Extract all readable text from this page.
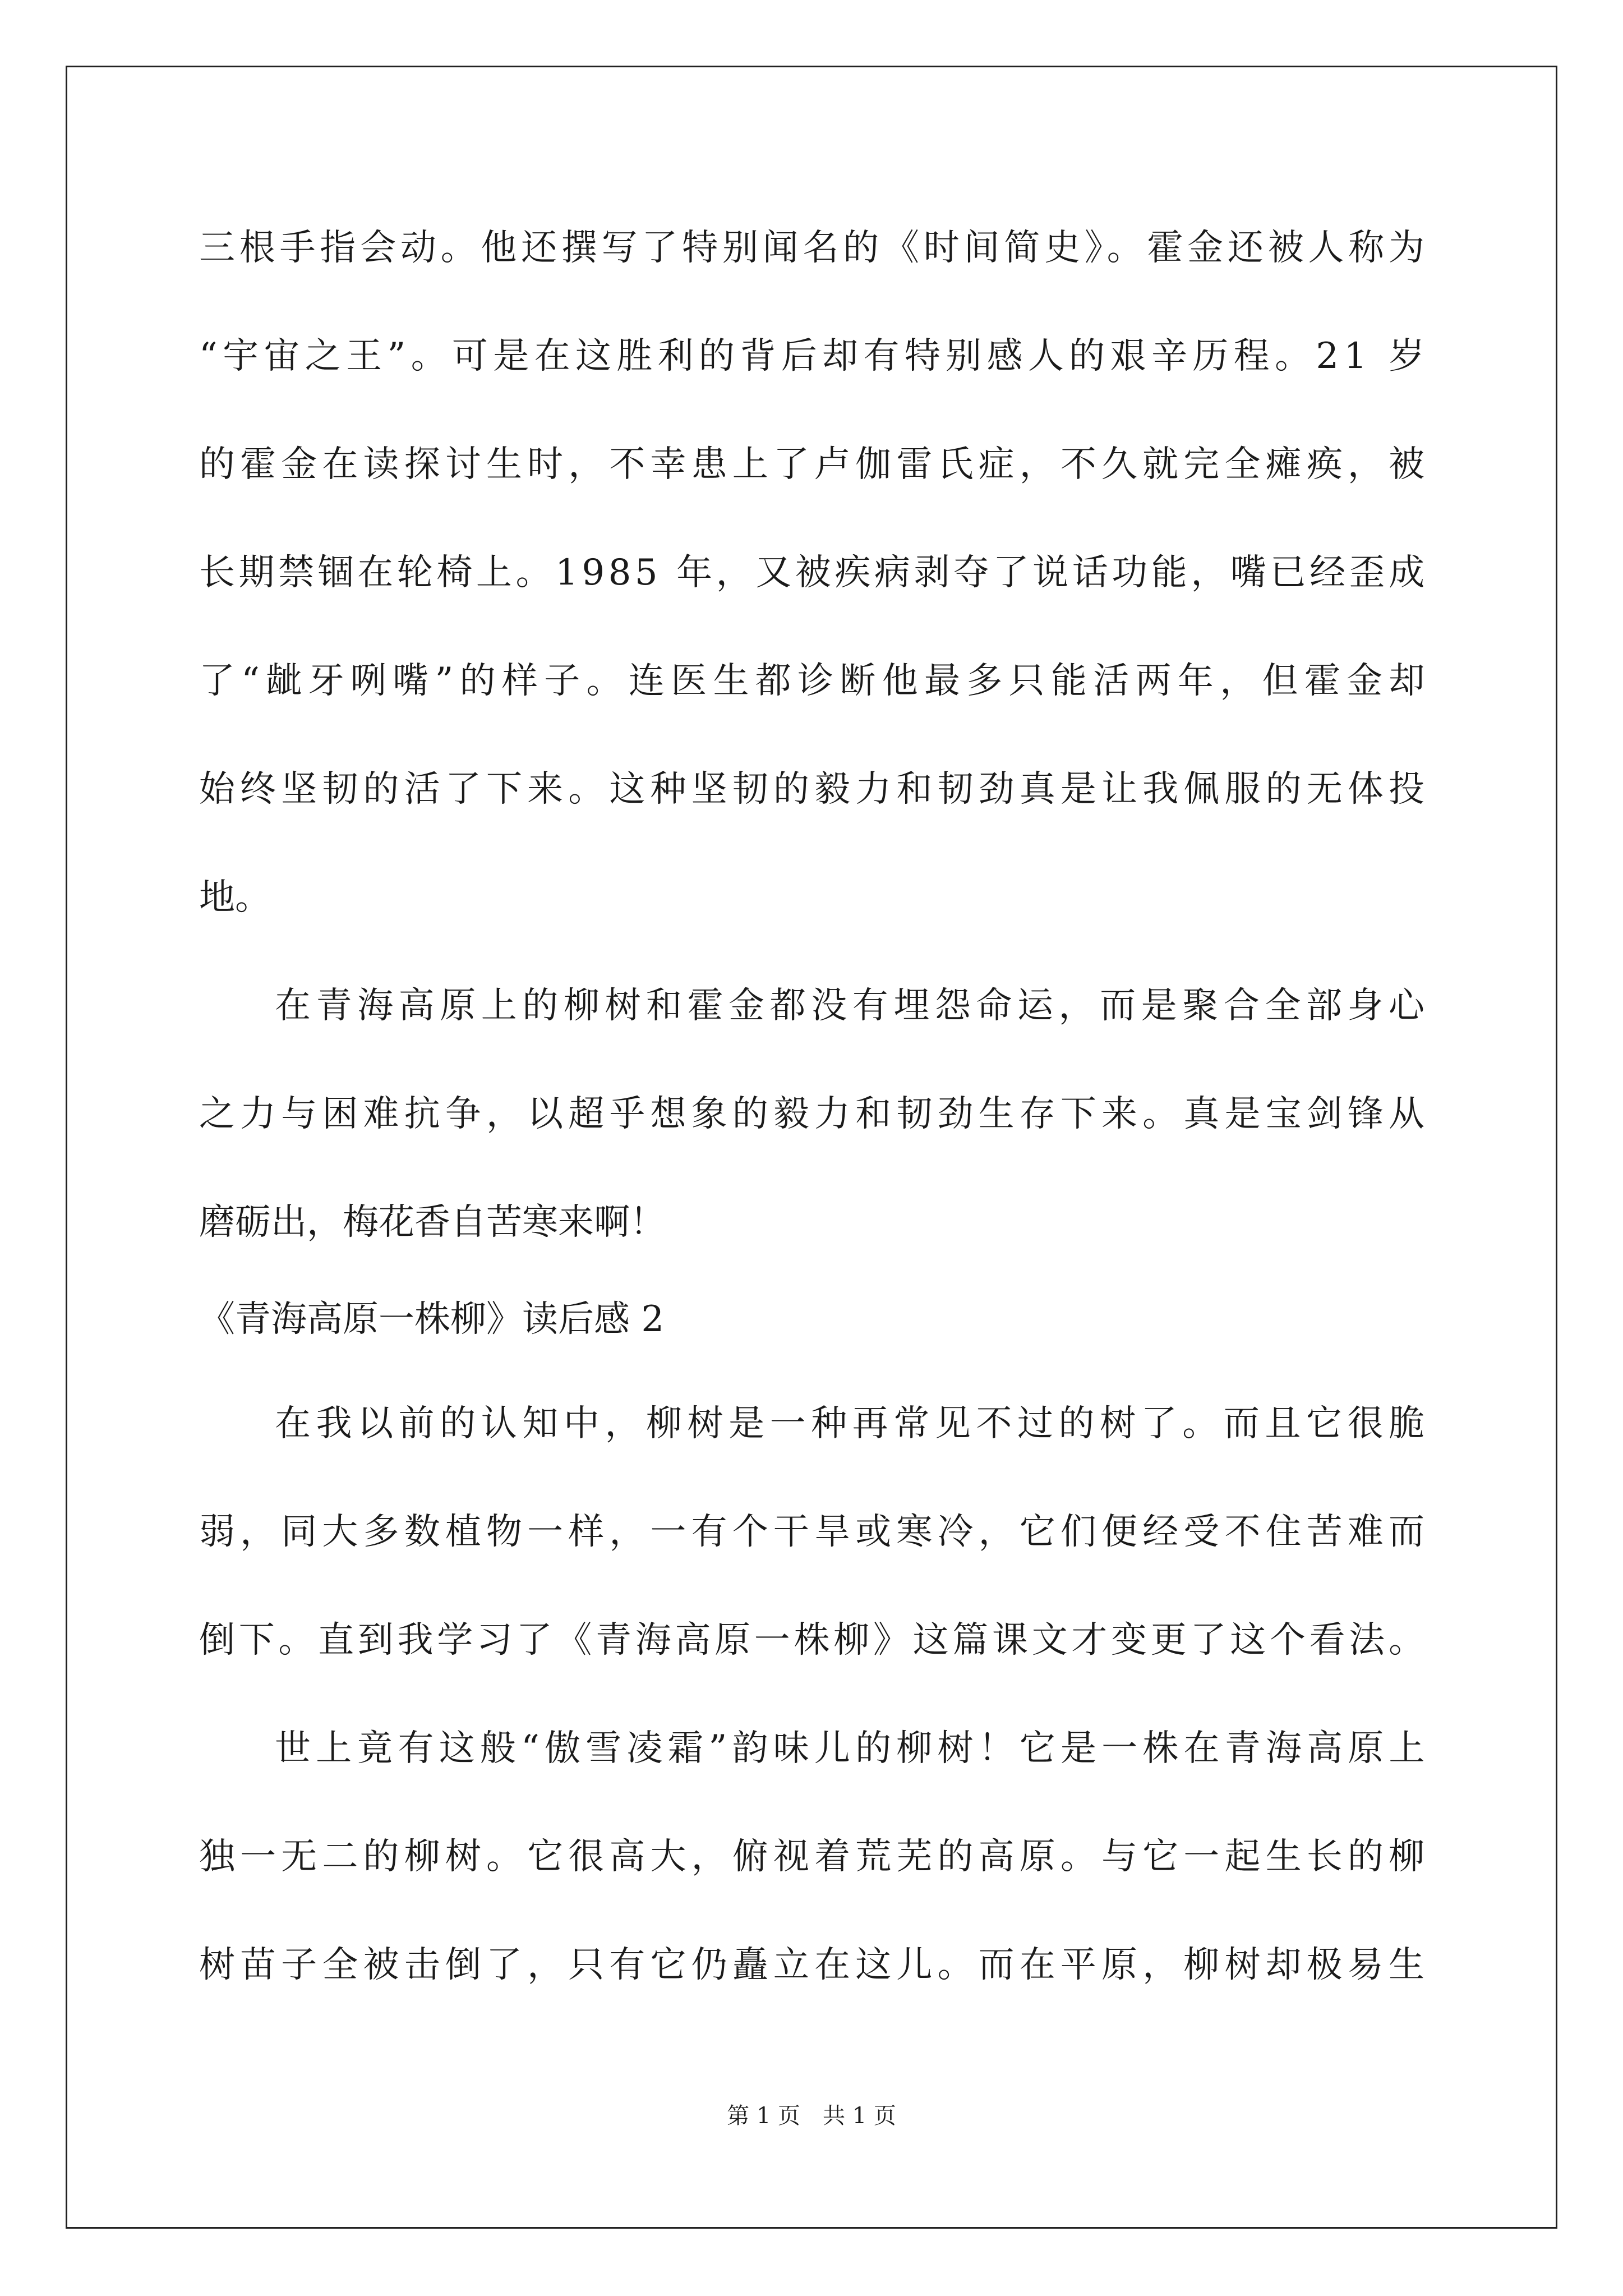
三根手指会动。他还撰写了特别闻名的《时间简史》。霍金还被人称为
“宇宙之王”。可是在这胜利的背后却有特别感人的艰辛历程。21 岁
的霍金在读探讨生时，不幸患上了卢伽雷氏症，不久就完全瘫痪，被
长期禁锢在轮椅上。1985 年，又被疾病剥夺了说话功能，嘴已经歪成
了“龇牙咧嘴”的样子。连医生都诊断他最多只能活两年，但霍金却
始终坚韧的活了下来。这种坚韧的毅力和韧劲真是让我佩服的无体投
地。
在青海高原上的柳树和霍金都没有埋怨命运，而是聚合全部身心
之力与困难抗争，以超乎想象的毅力和韧劲生存下来。真是宝剑锋从
磨砺出，梅花香自苦寒来啊！
《青海高原一株柳》读后感 2
在我以前的认知中，柳树是一种再常见不过的树了。而且它很脆
弱，同大多数植物一样，一有个干旱或寒冷，它们便经受不住苦难而
倒下。直到我学习了《青海高原一株柳》这篇课文才变更了这个看法。
世上竟有这般“傲雪凌霜”韵味儿的柳树！它是一株在青海高原上
独一无二的柳树。它很高大，俯视着荒芜的高原。与它一起生长的柳
树苗子全被击倒了，只有它仍矗立在这儿。而在平原，柳树却极易生
第 1 页　共 1 页
